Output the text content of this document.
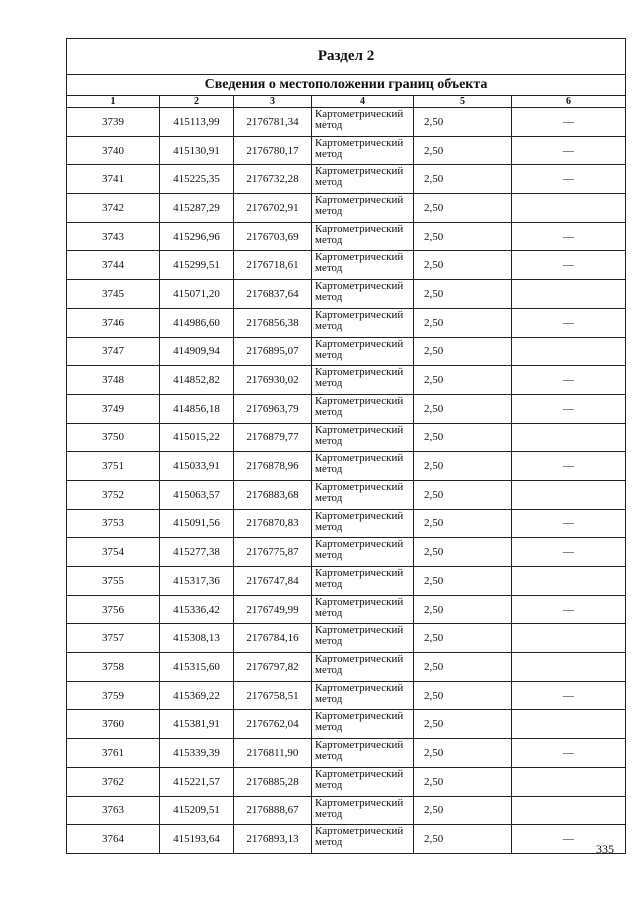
Раздел 2					
Сведения о местоположении границ объекта					
1	2	3	4	5	6
3739	415113,99	2176781,34	Картометрический
метод	2,50	—
3740	415130,91	2176780,17	Картометрический
метод	2,50	—
3741	415225,35	2176732,28	Картометрический
метод	2,50	—
3742	415287,29	2176702,91	Картометрический
метод	2,50	
3743	415296,96	2176703,69	Картометрический
метод	2,50	—
3744	415299,51	2176718,61	Картометрический
метод	2,50	—
3745	415071,20	2176837,64	Картометрический
метод	2,50	
3746	414986,60	2176856,38	Картометрический
метод	2,50	—
3747	414909,94	2176895,07	Картометрический
метод	2,50	
3748	414852,82	2176930,02	Картометрический
метод	2,50	—
3749	414856,18	2176963,79	Картометрический
метод	2,50	—
3750	415015,22	2176879,77	Картометрический
метод	2,50	
3751	415033,91	2176878,96	Картометрический
метод	2,50	—
3752	415063,57	2176883,68	Картометрический
метод	2,50	
3753	415091,56	2176870,83	Картометрический
метод	2,50	—
3754	415277,38	2176775,87	Картометрический
метод	2,50	—
3755	415317,36	2176747,84	Картометрический
метод	2,50	
3756	415336,42	2176749,99	Картометрический
метод	2,50	—
3757	415308,13	2176784,16	Картометрический
метод	2,50	
3758	415315,60	2176797,82	Картометрический
метод	2,50	
3759	415369,22	2176758,51	Картометрический
метод	2,50	—
3760	415381,91	2176762,04	Картометрический
метод	2,50	
3761	415339,39	2176811,90	Картометрический
метод	2,50	—
3762	415221,57	2176885,28	Картометрический
метод	2,50	
3763	415209,51	2176888,67	Картометрический
метод	2,50	
3764	415193,64	2176893,13	Картометрический
метод	2,50	—
335
